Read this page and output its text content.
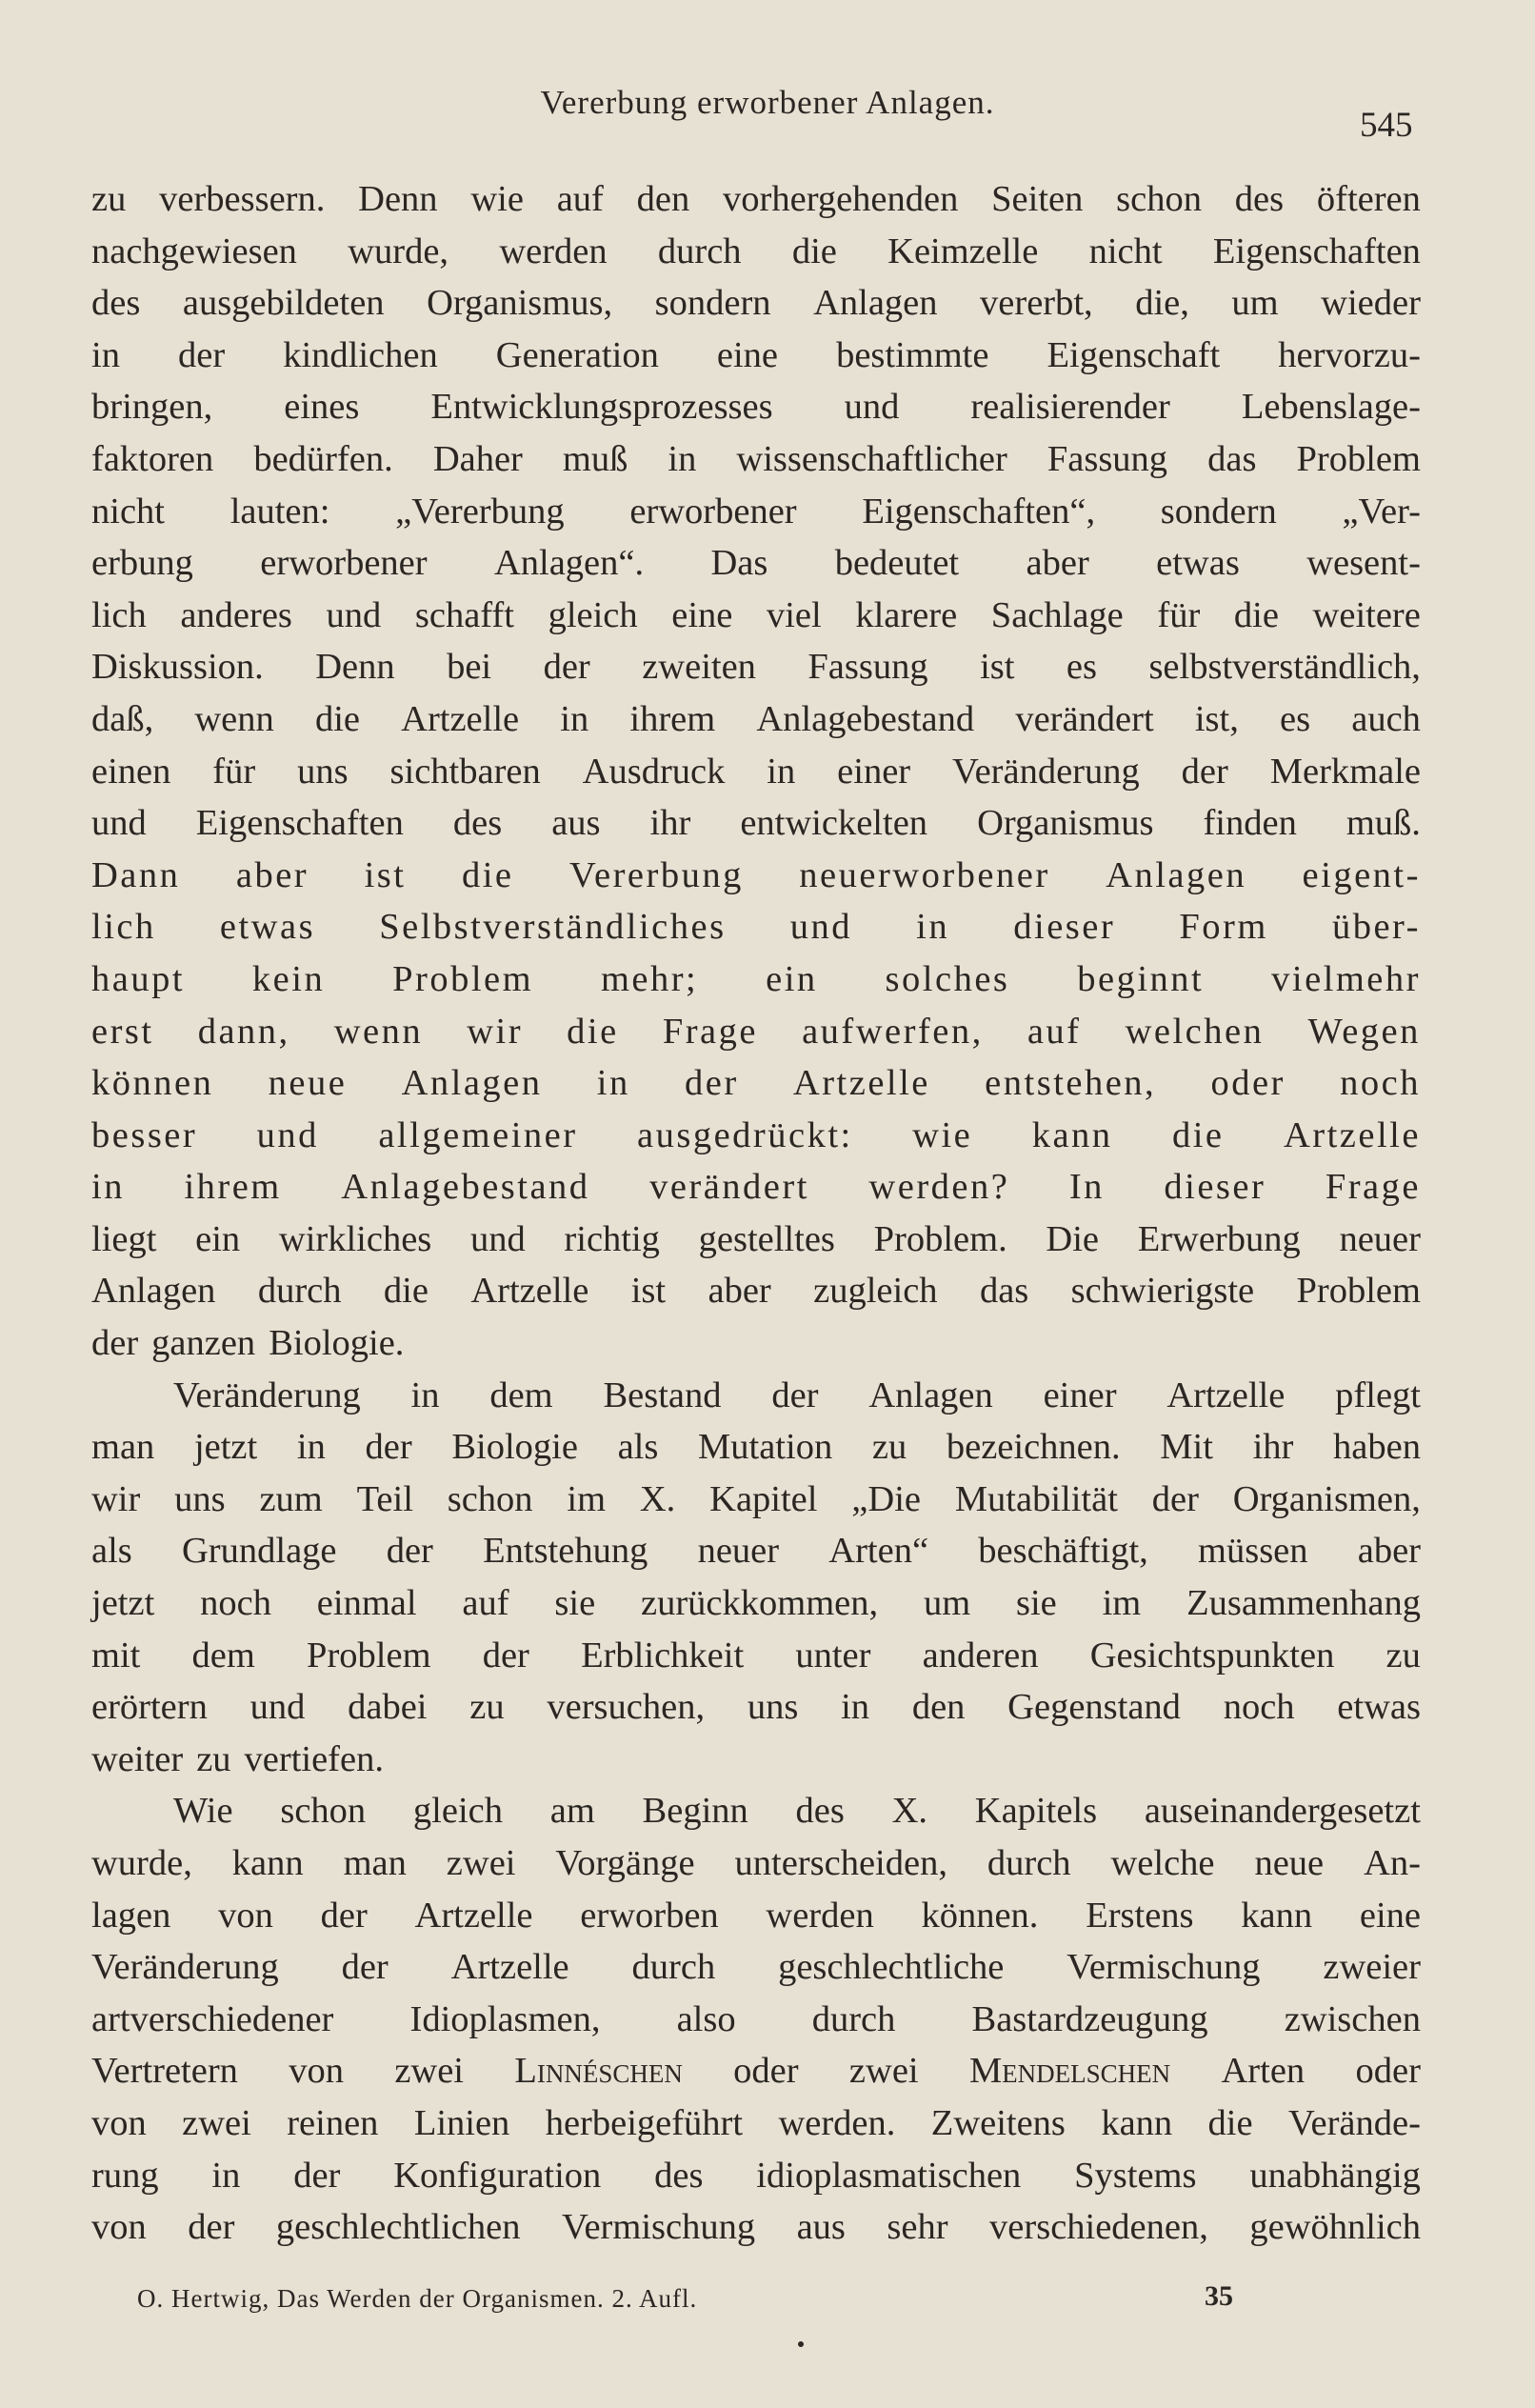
Vererbung erworbener Anlagen.
545
zu verbessern. Denn wie auf den vorhergehenden Seiten schon des öfteren
nachgewiesen wurde, werden durch die Keimzelle nicht Eigenschaften
des ausgebildeten Organismus, sondern Anlagen vererbt, die, um wieder
in der kindlichen Generation eine bestimmte Eigenschaft hervorzu-
bringen, eines Entwicklungsprozesses und realisierender Lebenslage-
faktoren bedürfen. Daher muß in wissenschaftlicher Fassung das Problem
nicht lauten: „Vererbung erworbener Eigenschaften“, sondern „Ver-
erbung erworbener Anlagen“. Das bedeutet aber etwas wesent-
lich anderes und schafft gleich eine viel klarere Sachlage für die weitere
Diskussion. Denn bei der zweiten Fassung ist es selbstverständlich,
daß, wenn die Artzelle in ihrem Anlagebestand verändert ist, es auch
einen für uns sichtbaren Ausdruck in einer Veränderung der Merkmale
und Eigenschaften des aus ihr entwickelten Organismus finden muß.
Dann aber ist die Vererbung neuerworbener Anlagen eigent-
lich etwas Selbstverständliches und in dieser Form über-
haupt kein Problem mehr; ein solches beginnt vielmehr
erst dann, wenn wir die Frage aufwerfen, auf welchen Wegen
können neue Anlagen in der Artzelle entstehen, oder noch
besser und allgemeiner ausgedrückt: wie kann die Artzelle
in ihrem Anlagebestand verändert werden? In dieser Frage
liegt ein wirkliches und richtig gestelltes Problem. Die Erwerbung neuer
Anlagen durch die Artzelle ist aber zugleich das schwierigste Problem
der ganzen Biologie.
Veränderung in dem Bestand der Anlagen einer Artzelle pflegt
man jetzt in der Biologie als Mutation zu bezeichnen. Mit ihr haben
wir uns zum Teil schon im X. Kapitel „Die Mutabilität der Organismen,
als Grundlage der Entstehung neuer Arten“ beschäftigt, müssen aber
jetzt noch einmal auf sie zurückkommen, um sie im Zusammenhang
mit dem Problem der Erblichkeit unter anderen Gesichtspunkten zu
erörtern und dabei zu versuchen, uns in den Gegenstand noch etwas
weiter zu vertiefen.
Wie schon gleich am Beginn des X. Kapitels auseinandergesetzt
wurde, kann man zwei Vorgänge unterscheiden, durch welche neue An-
lagen von der Artzelle erworben werden können. Erstens kann eine
Veränderung der Artzelle durch geschlechtliche Vermischung zweier
artverschiedener Idioplasmen, also durch Bastardzeugung zwischen
Vertretern von zwei Linnéschen oder zwei Mendelschen Arten oder
von zwei reinen Linien herbeigeführt werden. Zweitens kann die Verände-
rung in der Konfiguration des idioplasmatischen Systems unabhängig
von der geschlechtlichen Vermischung aus sehr verschiedenen, gewöhnlich
O. Hertwig, Das Werden der Organismen. 2. Aufl.	35
